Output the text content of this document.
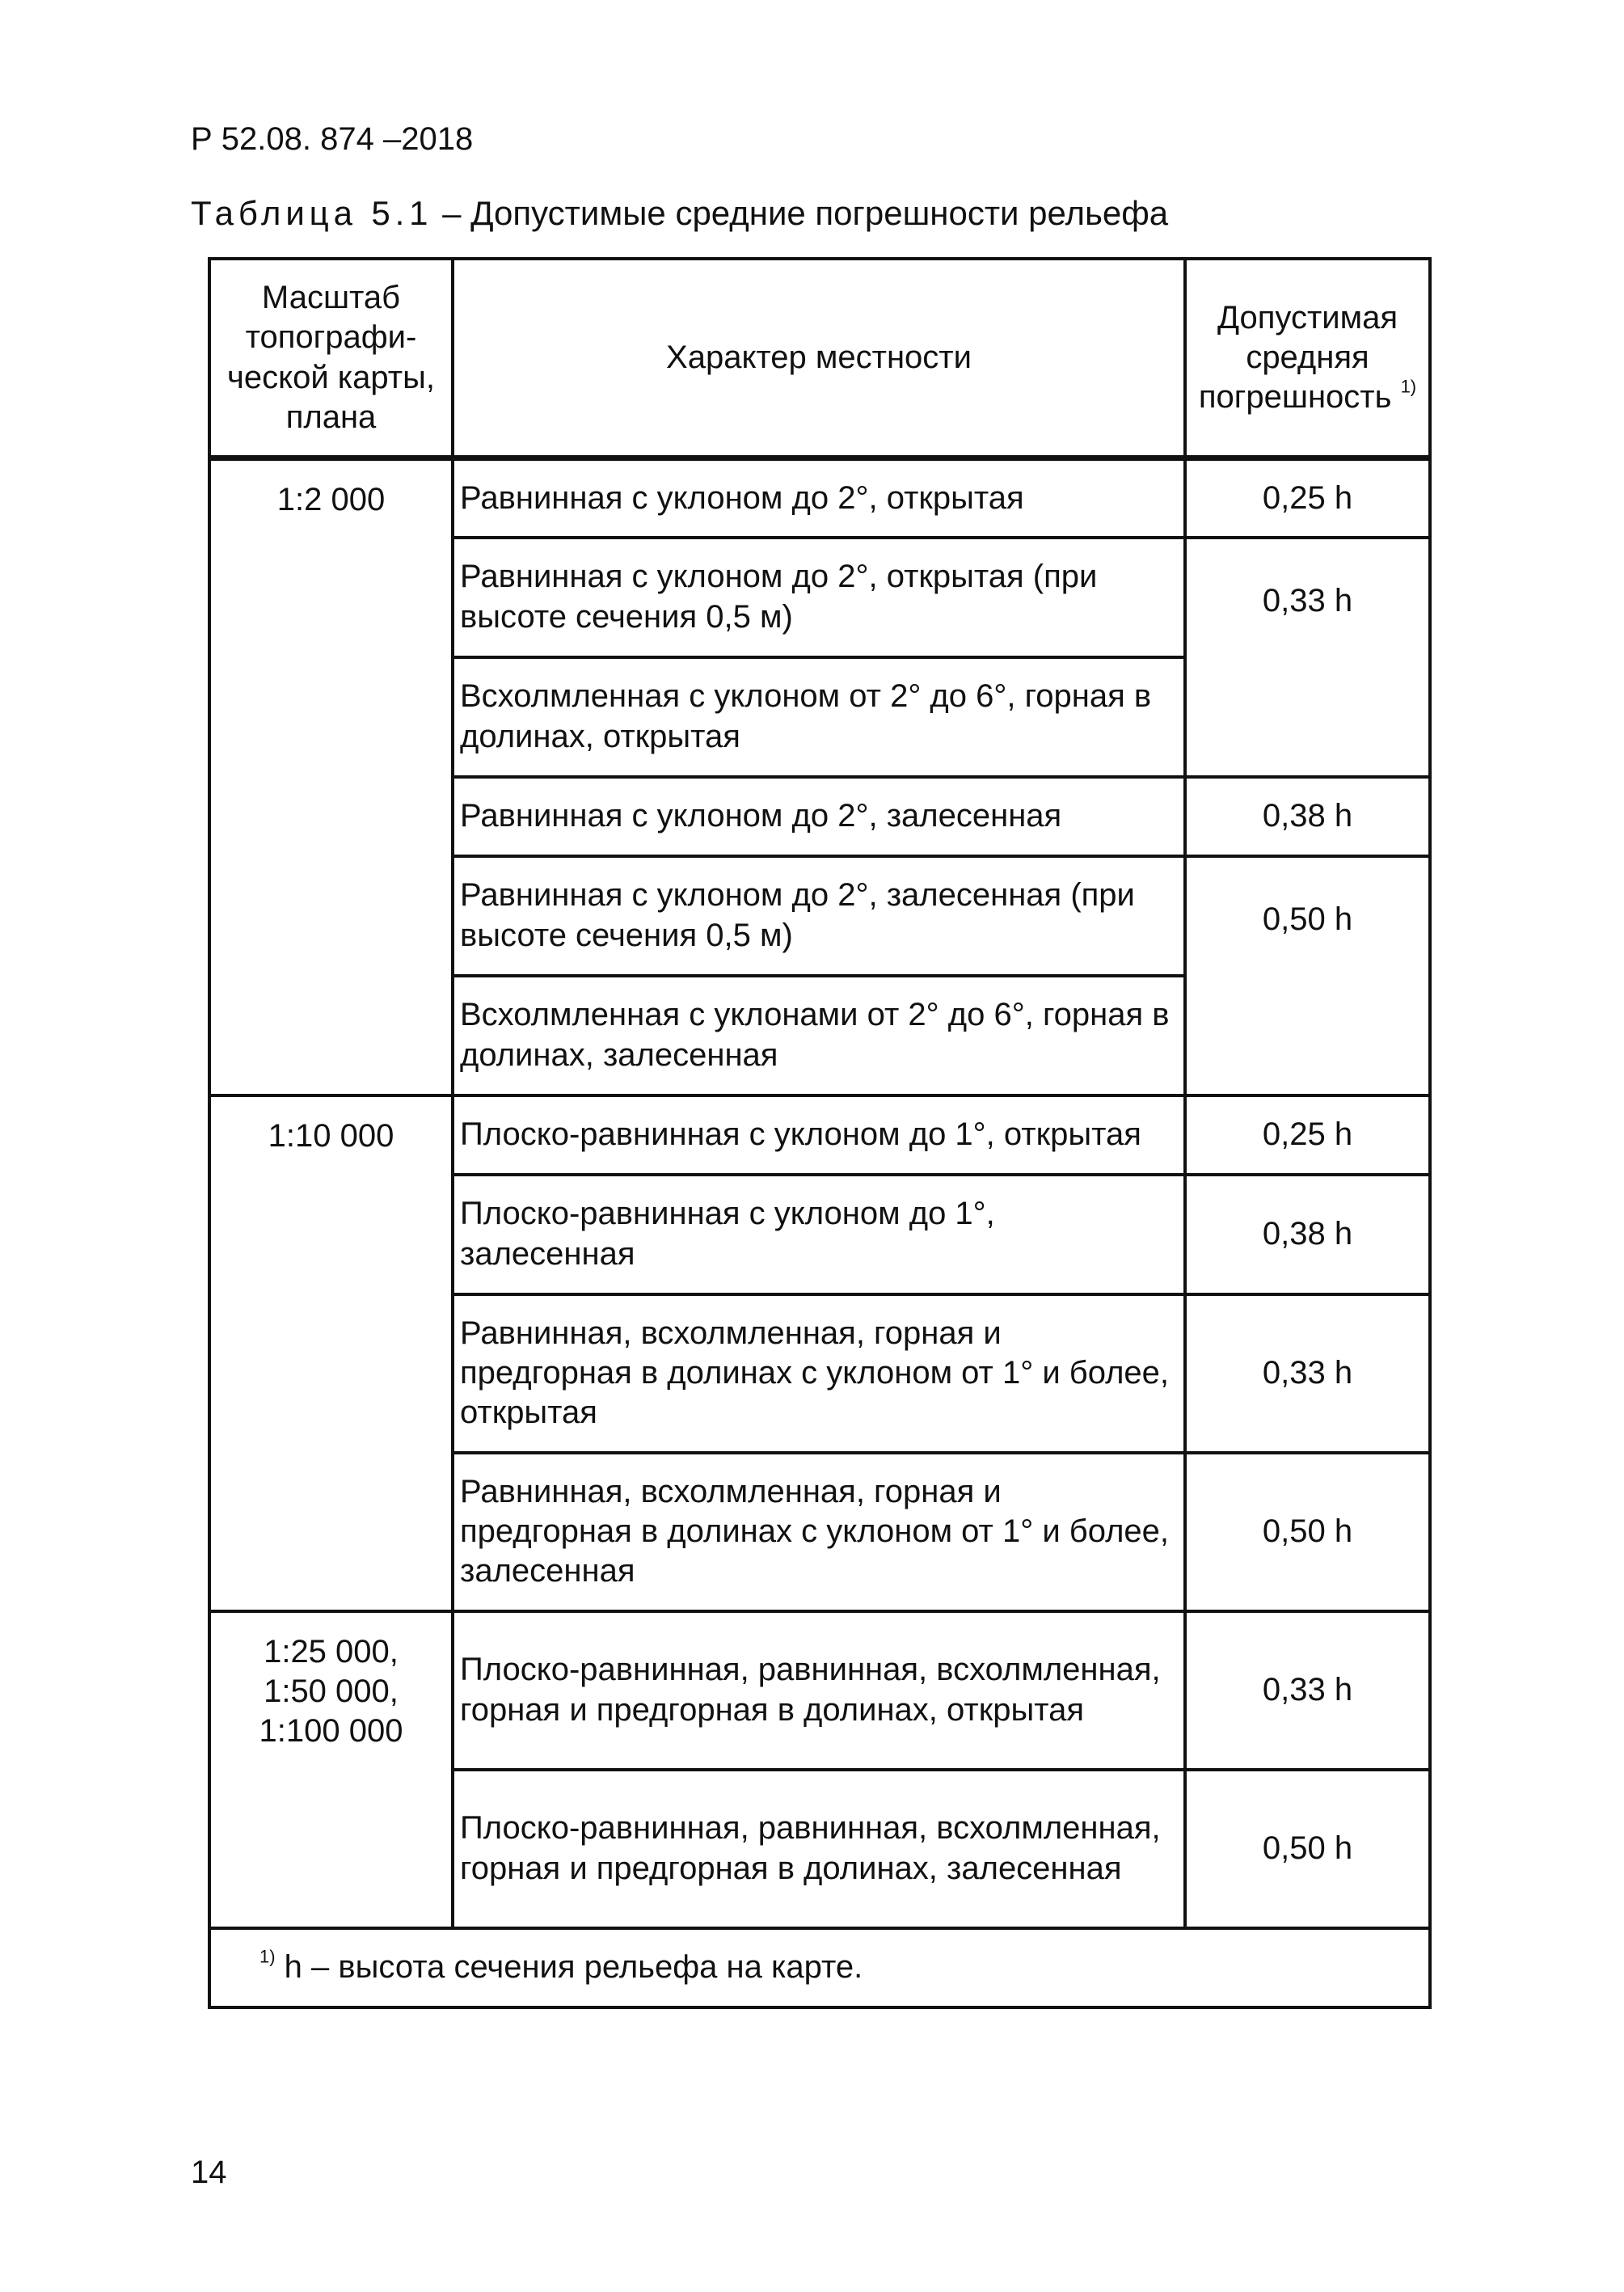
Р 52.08. 874 –2018
Таблица 5.1 – Допустимые средние погрешности рельефа
Масштаб
топографи-
ческой карты,
плана	Характер местности	Допустимая
средняя
погрешность $^{1)}$
1:2 000	Равнинная с уклоном до 2°, открытая	0,25 h
	Равнинная с уклоном до 2°, открытая (при высоте сечения 0,5 м)	0,33 h
	Всхолмленная с уклоном от 2° до 6°, горная в долинах, открытая	
	Равнинная с уклоном до 2°, залесенная	0,38 h
	Равнинная с уклоном до 2°, залесенная (при высоте сечения 0,5 м)	0,50 h
	Всхолмленная с уклонами от 2° до 6°, горная в долинах, залесенная	
1:10 000	Плоско-равнинная с уклоном до 1°, открытая	0,25 h
	Плоско-равнинная с уклоном до 1°, залесенная	0,38 h
	Равнинная, всхолмленная, горная и предгорная в долинах с уклоном от 1° и более, открытая	0,33 h
	Равнинная, всхолмленная, горная и предгорная в долинах с уклоном от 1° и более, залесенная	0,50 h
1:25 000,
1:50 000,
1:100 000	Плоско-равнинная, равнинная, всхолмленная, горная и предгорная в долинах, открытая	0,33 h
	Плоско-равнинная, равнинная, всхолмленная, горная и предгорная в долинах, залесенная	0,50 h
$^{1)}$ h – высота сечения рельефа на карте.		
14
